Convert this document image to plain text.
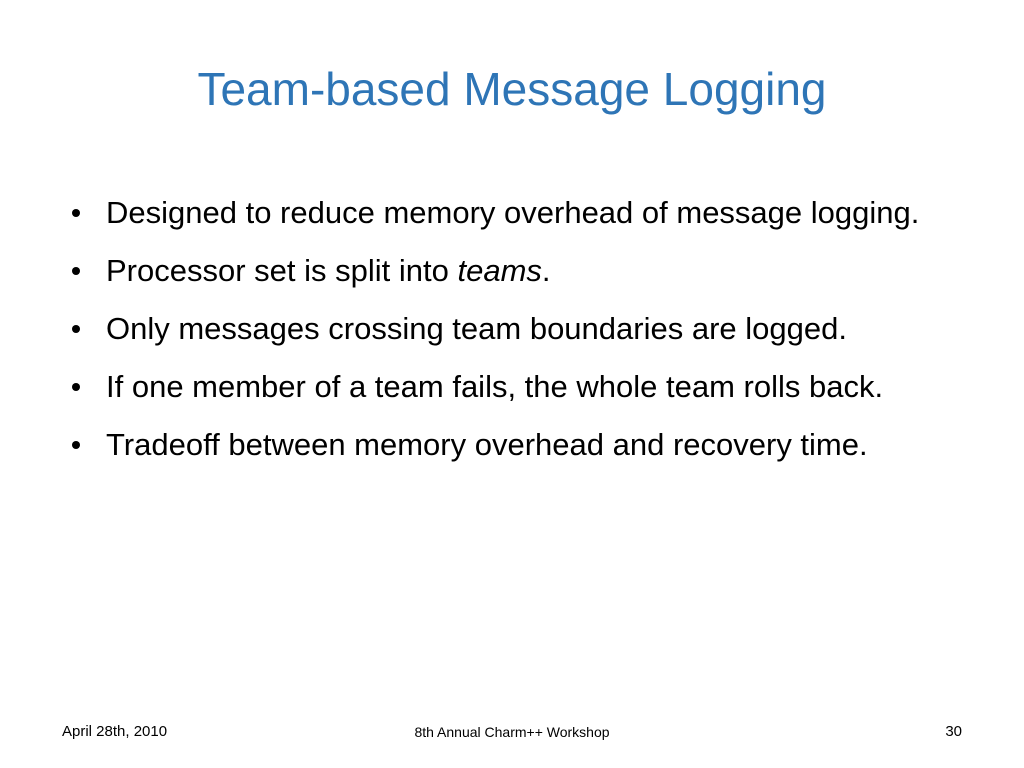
Team-based Message Logging
Designed to reduce memory overhead of message logging.
Processor set is split into teams.
Only messages crossing team boundaries are logged.
If one member of a team fails, the whole team rolls back.
Tradeoff between memory overhead and recovery time.
April 28th, 2010	8th Annual Charm++ Workshop	30
